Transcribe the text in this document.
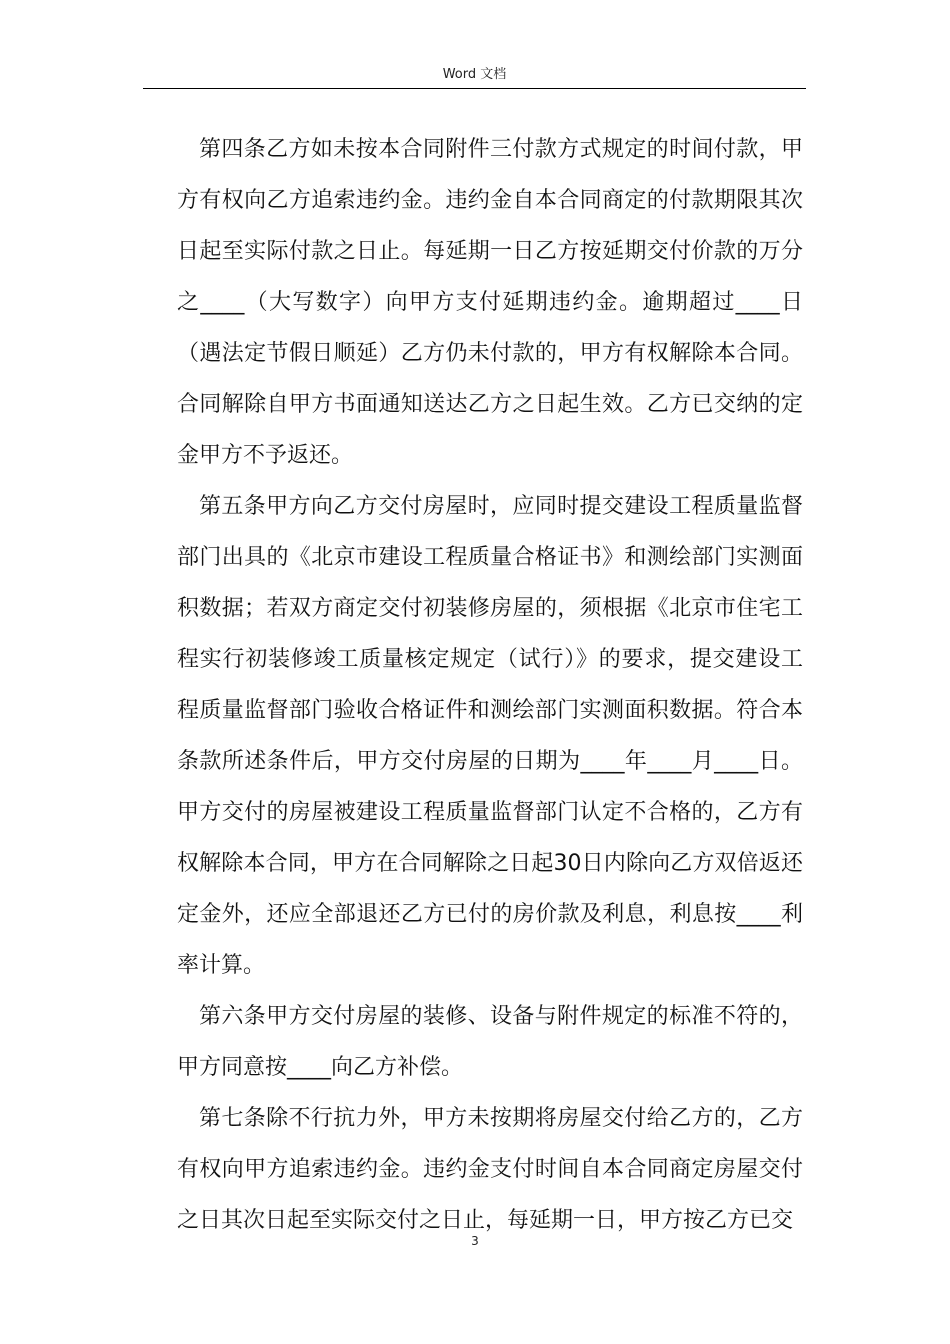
Word 文档

第四条乙方如未按本合同附件三付款方式规定的时间付款，甲方有权向乙方追索违约金。违约金自本合同商定的付款期限其次日起至实际付款之日止。每延期一日乙方按延期交付价款的万分之____（大写数字）向甲方支付延期违约金。逾期超过____日（遇法定节假日顺延）乙方仍未付款的，甲方有权解除本合同。合同解除自甲方书面通知送达乙方之日起生效。乙方已交纳的定金甲方不予返还。

第五条甲方向乙方交付房屋时，应同时提交建设工程质量监督部门出具的《北京市建设工程质量合格证书》和测绘部门实测面积数据；若双方商定交付初装修房屋的，须根据《北京市住宅工程实行初装修竣工质量核定规定（试行）》的要求，提交建设工程质量监督部门验收合格证件和测绘部门实测面积数据。符合本条款所述条件后，甲方交付房屋的日期为____年____月____日。甲方交付的房屋被建设工程质量监督部门认定不合格的，乙方有权解除本合同，甲方在合同解除之日起30日内除向乙方双倍返还定金外，还应全部退还乙方已付的房价款及利息，利息按____利率计算。

第六条甲方交付房屋的装修、设备与附件规定的标准不符的，甲方同意按____向乙方补偿。

第七条除不行抗力外，甲方未按期将房屋交付给乙方的，乙方有权向甲方追索违约金。违约金支付时间自本合同商定房屋交付之日其次日起至实际交付之日止，每延期一日，甲方按乙方已交

3
